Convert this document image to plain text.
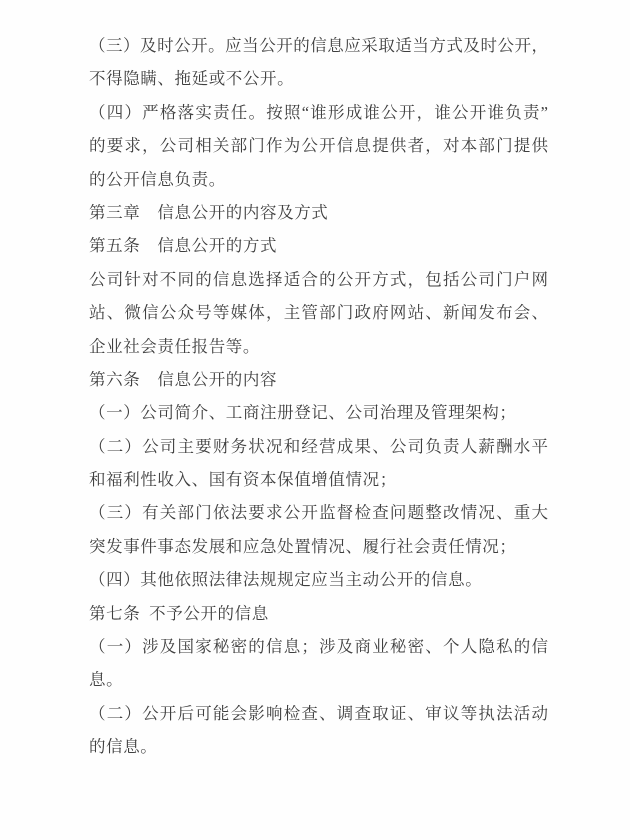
（三）及时公开。应当公开的信息应采取适当方式及时公开，
不得隐瞒、拖延或不公开。
（四）严格落实责任。按照“谁形成谁公开，谁公开谁负责”
的要求，公司相关部门作为公开信息提供者，对本部门提供
的公开信息负责。
第三章　信息公开的内容及方式
第五条　信息公开的方式
公司针对不同的信息选择适合的公开方式，包括公司门户网
站、微信公众号等媒体，主管部门政府网站、新闻发布会、
企业社会责任报告等。
第六条　信息公开的内容
（一）公司简介、工商注册登记、公司治理及管理架构；
（二）公司主要财务状况和经营成果、公司负责人薪酬水平
和福利性收入、国有资本保值增值情况；
（三）有关部门依法要求公开监督检查问题整改情况、重大
突发事件事态发展和应急处置情况、履行社会责任情况；
（四）其他依照法律法规规定应当主动公开的信息。
第七条 不予公开的信息
（一）涉及国家秘密的信息；涉及商业秘密、个人隐私的信
息。
（二）公开后可能会影响检查、调查取证、审议等执法活动
的信息。
